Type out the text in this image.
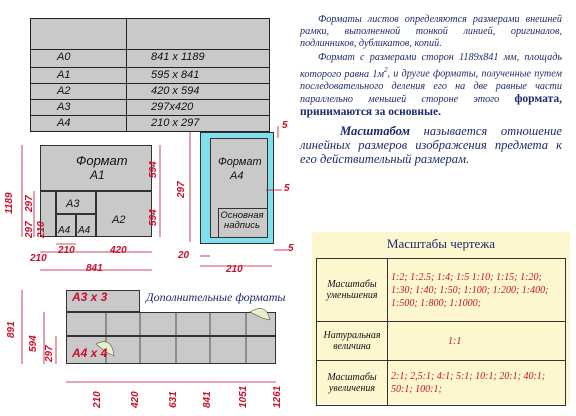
A0	841 x 1189
A1	595 x 841
A2	420 x 594
A3	297x420
A4	210 x 297
Форматы листов определяются размерами внешней рамки, выполненной тонкой линией, оригиналов, подлинников, дубликатов, копий.
Формат с размерами сторон 1189x841 мм, площадь которого равна $1м^2$, и другие форматы, полученные путем последовательного деления его на две равные части параллельно меньшей стороне этого формата, принимаются за основные.
Масштабом называется отношение линейных размеров изображения предмета к его действительный размерам.
Формат
A1
A2
A3
A4 A4
1189
594
594
297
297 210
210
210	420
841
Формат
A4
Основная надпись
297
210
20
5
5
5
Дополнительные форматы
A3 x 3
A4 x 4
891
594
297
210	420	631 841	1051 1261
Масштабы чертежа
Масштабы уменьшения	1:2; 1:2.5; 1:4; 1:5 1:10; 1:15; 1:20; 1:30; 1:40; 1:50; 1:100; 1:200; 1:400; 1:500; 1:800; 1:1000;
Натуральная величина	1:1
Масштабы увеличения	2:1; 2,5:1; 4:1; 5:1; 10:1; 20:1; 40:1; 50:1; 100:1;
